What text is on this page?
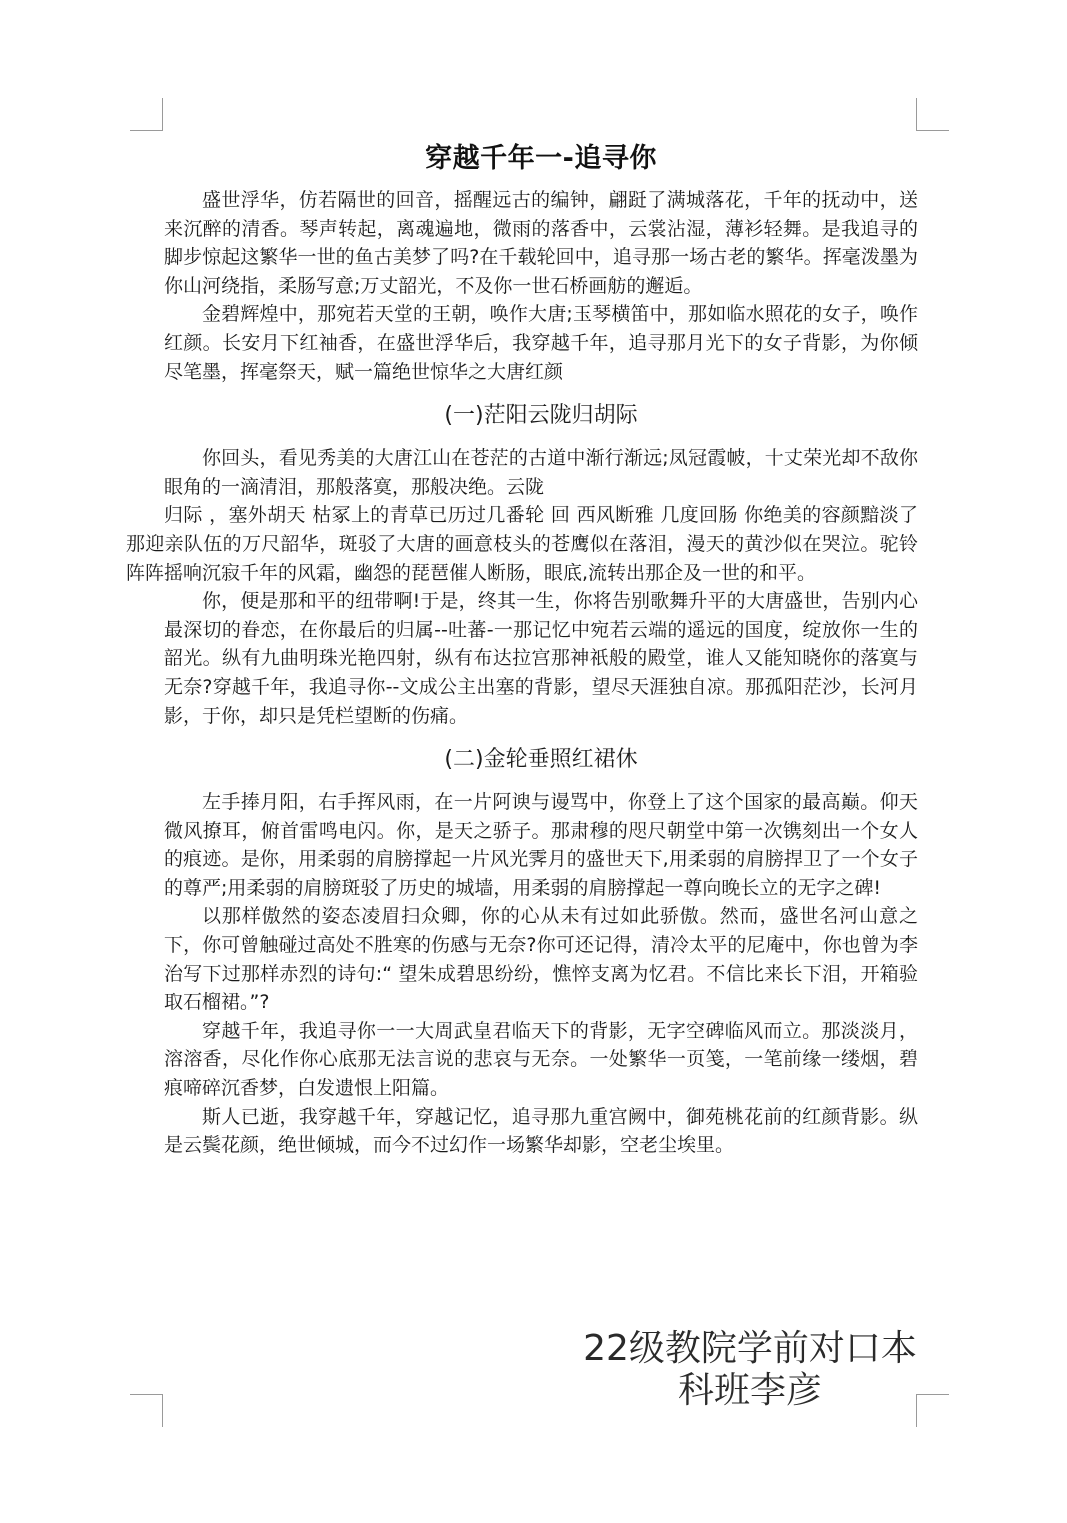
穿越千年一-追寻你

盛世浮华，仿若隔世的回音，摇醒远古的编钟，翩跹了满城落花，千年的抚动中，送来沉醉的清香。琴声转起，离魂遍地，微雨的落香中，云裳沾湿，薄衫轻舞。是我追寻的脚步惊起这繁华一世的鱼古美梦了吗?在千载轮回中，追寻那一场古老的繁华。挥毫泼墨为你山河绕指，柔肠写意;万丈韶光，不及你一世石桥画舫的邂逅。

金碧辉煌中，那宛若天堂的王朝，唤作大唐;玉琴横笛中，那如临水照花的女子，唤作红颜。长安月下红袖香，在盛世浮华后，我穿越千年，追寻那月光下的女子背影，为你倾尽笔墨，挥毫祭天，赋一篇绝世惊华之大唐红颜

(一)茫阳云陇归胡际

你回头，看见秀美的大唐江山在苍茫的古道中渐行渐远;凤冠霞帔，十丈荣光却不敌你眼角的一滴清泪，那般落寞，那般决绝。云陇
归际 ，塞外胡天 枯冢上的青草已历过几番轮 回 西风断雅 几度回肠 你绝美的容颜黯淡了那迎亲队伍的万尺韶华，斑驳了大唐的画意枝头的苍鹰似在落泪，漫天的黄沙似在哭泣。驼铃阵阵摇响沉寂千年的风霜，幽怨的琵琶催人断肠，眼底,流转出那企及一世的和平。

你，便是那和平的纽带啊!于是，终其一生，你将告别歌舞升平的大唐盛世，告别内心最深切的眷恋，在你最后的归属--吐蕃-一那记忆中宛若云端的遥远的国度，绽放你一生的韶光。纵有九曲明珠光艳四射，纵有布达拉宫那神祇般的殿堂，谁人又能知晓你的落寞与无奈?穿越千年，我追寻你--文成公主出塞的背影，望尽天涯独自凉。那孤阳茫沙，长河月影，于你，却只是凭栏望断的伤痛。

(二)金轮垂照红裙休

左手捧月阳，右手挥风雨，在一片阿谀与谩骂中，你登上了这个国家的最高巅。仰天微风撩耳，俯首雷鸣电闪。你，是天之骄子。那肃穆的咫尺朝堂中第一次镌刻出一个女人的痕迹。是你，用柔弱的肩膀撑起一片风光霁月的盛世天下,用柔弱的肩膀捍卫了一个女子的尊严;用柔弱的肩膀斑驳了历史的城墙，用柔弱的肩膀撑起一尊向晚长立的无字之碑!

以那样傲然的姿态凌眉扫众卿，你的心从未有过如此骄傲。然而，盛世名河山意之下，你可曾触碰过高处不胜寒的伤感与无奈?你可还记得，清冷太平的尼庵中，你也曾为李治写下过那样赤烈的诗句:“ 望朱成碧思纷纷，憔悴支离为忆君。不信比来长下泪，开箱验取石榴裙。”?

穿越千年，我追寻你一一大周武皇君临天下的背影，无字空碑临风而立。那淡淡月，溶溶香，尽化作你心底那无法言说的悲哀与无奈。一处繁华一页笺，一笔前缘一缕烟，碧痕啼碎沉香梦，白发遗恨上阳篇。

斯人已逝，我穿越千年，穿越记忆，追寻那九重宫阙中，御苑桃花前的红颜背影。纵是云鬓花颜，绝世倾城，而今不过幻作一场繁华却影，空老尘埃里。

22级教院学前对口本
科班李彦
